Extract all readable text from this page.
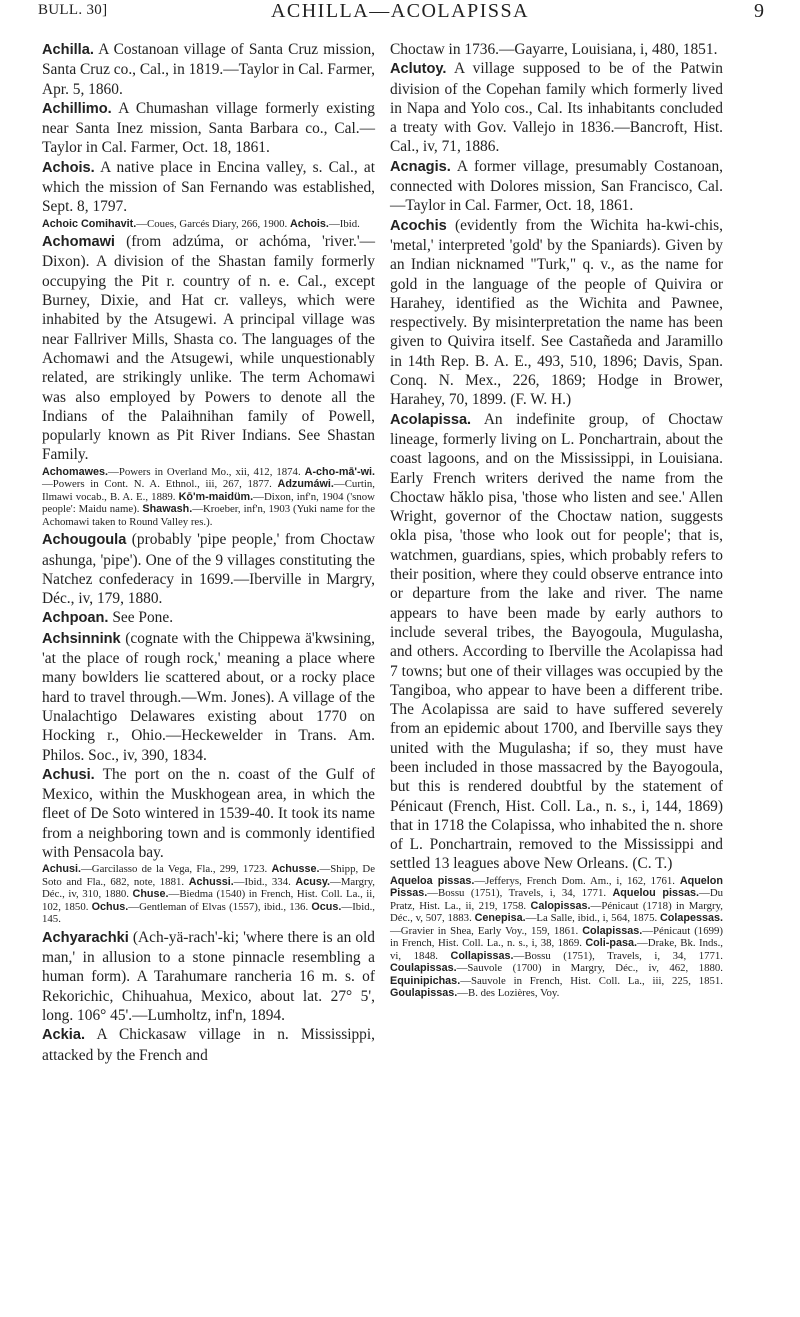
BULL. 30]	ACHILLA—ACOLAPISSA	9
Achilla. A Costanoan village of Santa Cruz mission, Santa Cruz co., Cal., in 1819.—Taylor in Cal. Farmer, Apr. 5, 1860.
Achillimo. A Chumashan village formerly existing near Santa Inez mission, Santa Barbara co., Cal.—Taylor in Cal. Farmer, Oct. 18, 1861.
Achois. A native place in Encina valley, s. Cal., at which the mission of San Fernando was established, Sept. 8, 1797.
Achoic Comihavit.—Coues, Garcés Diary, 266, 1900. Achois.—Ibid.
Achomawi (from adzúma, or achóma, 'river.'—Dixon). A division of the Shastan family formerly occupying the Pit r. country of n. e. Cal., except Burney, Dixie, and Hat cr. valleys, which were inhabited by the Atsugewi. A principal village was near Fallriver Mills, Shasta co. The languages of the Achomawi and the Atsugewi, while unquestionably related, are strikingly unlike. The term Achomawi was also employed by Powers to denote all the Indians of the Palaihnihan family of Powell, popularly known as Pit River Indians. See Shastan Family.
Achomawes.—Powers in Overland Mo., xii, 412, 1874. A-cho-mā'-wi.—Powers in Cont. N. A. Ethnol., iii, 267, 1877. Adzumáwi.—Curtin, Ilmawi vocab., B. A. E., 1889. Kō'm-maidüm.—Dixon, inf'n, 1904 ('snow people': Maidu name). Shawash.—Kroeber, inf'n, 1903 (Yuki name for the Achomawi taken to Round Valley res.).
Achougoula (probably 'pipe people,' from Choctaw ashunga, 'pipe'). One of the 9 villages constituting the Natchez confederacy in 1699.—Iberville in Margry, Déc., iv, 179, 1880.
Achpoan. See Pone.
Achsinnink (cognate with the Chippewa ä'kwsining, 'at the place of rough rock,' meaning a place where many bowlders lie scattered about, or a rocky place hard to travel through.—Wm. Jones). A village of the Unalachtigo Delawares existing about 1770 on Hocking r., Ohio.—Heckewelder in Trans. Am. Philos. Soc., iv, 390, 1834.
Achusi. The port on the n. coast of the Gulf of Mexico, within the Muskhogean area, in which the fleet of De Soto wintered in 1539-40. It took its name from a neighboring town and is commonly identified with Pensacola bay.
Achusi.—Garcilasso de la Vega, Fla., 299, 1723. Achusse.—Shipp, De Soto and Fla., 682, note, 1881. Achussi.—Ibid., 334. Acusy.—Margry, Déc., iv, 310, 1880. Chuse.—Biedma (1540) in French, Hist. Coll. La., ii, 102, 1850. Ochus.—Gentleman of Elvas (1557), ibid., 136. Ocus.—Ibid., 145.
Achyarachki (Ach-yä-rach'-ki; 'where there is an old man,' in allusion to a stone pinnacle resembling a human form). A Tarahumare rancheria 16 m. s. of Rekorichic, Chihuahua, Mexico, about lat. 27° 5', long. 106° 45'.—Lumholtz, inf'n, 1894.
Ackia. A Chickasaw village in n. Mississippi, attacked by the French and
Choctaw in 1736.—Gayarre, Louisiana, i, 480, 1851.
Aclutoy. A village supposed to be of the Patwin division of the Copehan family which formerly lived in Napa and Yolo cos., Cal. Its inhabitants concluded a treaty with Gov. Vallejo in 1836.—Bancroft, Hist. Cal., iv, 71, 1886.
Acnagis. A former village, presumably Costanoan, connected with Dolores mission, San Francisco, Cal.—Taylor in Cal. Farmer, Oct. 18, 1861.
Acochis (evidently from the Wichita ha-kwi-chis, 'metal,' interpreted 'gold' by the Spaniards). Given by an Indian nicknamed "Turk," q. v., as the name for gold in the language of the people of Quivira or Harahey, identified as the Wichita and Pawnee, respectively. By misinterpretation the name has been given to Quivira itself. See Castañeda and Jaramillo in 14th Rep. B. A. E., 493, 510, 1896; Davis, Span. Conq. N. Mex., 226, 1869; Hodge in Brower, Harahey, 70, 1899. (F. W. H.)
Acolapissa. An indefinite group, of Choctaw lineage, formerly living on L. Ponchartrain, about the coast lagoons, and on the Mississippi, in Louisiana. Early French writers derived the name from the Choctaw hăklo pisa, 'those who listen and see.' Allen Wright, governor of the Choctaw nation, suggests okla pisa, 'those who look out for people'; that is, watchmen, guardians, spies, which probably refers to their position, where they could observe entrance into or departure from the lake and river. The name appears to have been made by early authors to include several tribes, the Bayogoula, Mugulasha, and others. According to Iberville the Acolapissa had 7 towns; but one of their villages was occupied by the Tangiboa, who appear to have been a different tribe. The Acolapissa are said to have suffered severely from an epidemic about 1700, and Iberville says they united with the Mugulasha; if so, they must have been included in those massacred by the Bayogoula, but this is rendered doubtful by the statement of Pénicaut (French, Hist. Coll. La., n. s., i, 144, 1869) that in 1718 the Colapissa, who inhabited the n. shore of L. Ponchartrain, removed to the Mississippi and settled 13 leagues above New Orleans. (C. T.)
Aqueloa pissas.—Jefferys, French Dom. Am., i, 162, 1761. Aquelon Pissas.—Bossu (1751), Travels, i, 34, 1771. Aquelou pissas.—Du Pratz, Hist. La., ii, 219, 1758. Calopissas.—Pénicaut (1718) in Margry, Déc., v, 507, 1883. Cenepisa.—La Salle, ibid., i, 564, 1875. Colapessas.—Gravier in Shea, Early Voy., 159, 1861. Colapissas.—Pénicaut (1699) in French, Hist. Coll. La., n. s., i, 38, 1869. Coli-pasa.—Drake, Bk. Inds., vi, 1848. Collapissas.—Bossu (1751), Travels, i, 34, 1771. Coulapissas.—Sauvole (1700) in Margry, Déc., iv, 462, 1880. Equinipichas.—Sauvole in French, Hist. Coll. La., iii, 225, 1851. Goulapissas.—B. des Lozières, Voy.
